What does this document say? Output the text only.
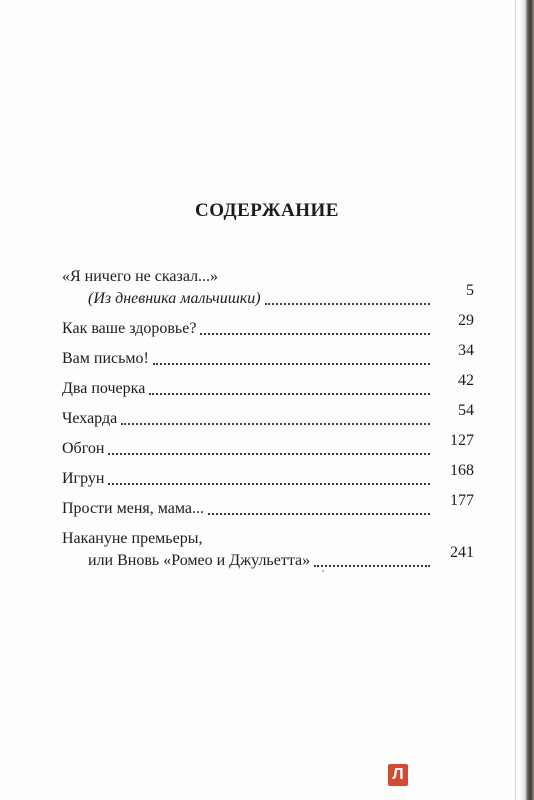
СОДЕРЖАНИЕ
«Я ничего не сказал...»
(Из дневника мальчишки)	5
Как ваше здоровье?	29
Вам письмо!	34
Два почерка	42
Чехарда	54
Обгон	127
Игрун	168
Прости меня, мама...	177
Накануне премьеры,
или Вновь «Ромео и Джульетта»	241
Л
